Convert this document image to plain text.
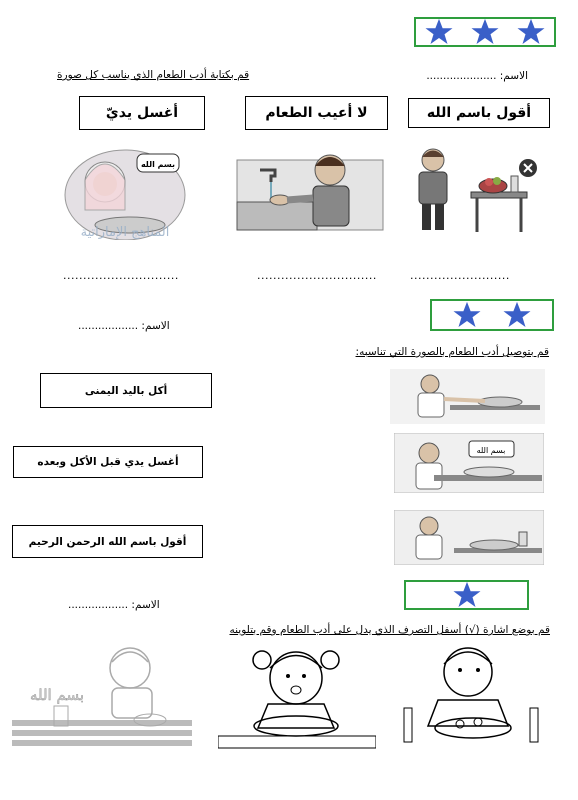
الاسم: .....................
قم بكتابة أدب الطعام الذي يناسب كل صورة
أقول باسم الله
لا أعيب الطعام
أغسل يديّ
بسم الله
المناهج الإماراتية
.........................
..............................
.............................
الاسم: ..................
قم بتوصيل أدب الطعام بالصورة التي تناسبه:
أكل باليد اليمنى
أغسل يدي قبل الأكل وبعده
أقول باسم الله الرحمن الرحيم
بسم الله
الاسم: ..................
قم بوضع اشارة (√) أسفل التصرف الذي يدل على أدب الطعام وقم بتلوينه
بسم الله
